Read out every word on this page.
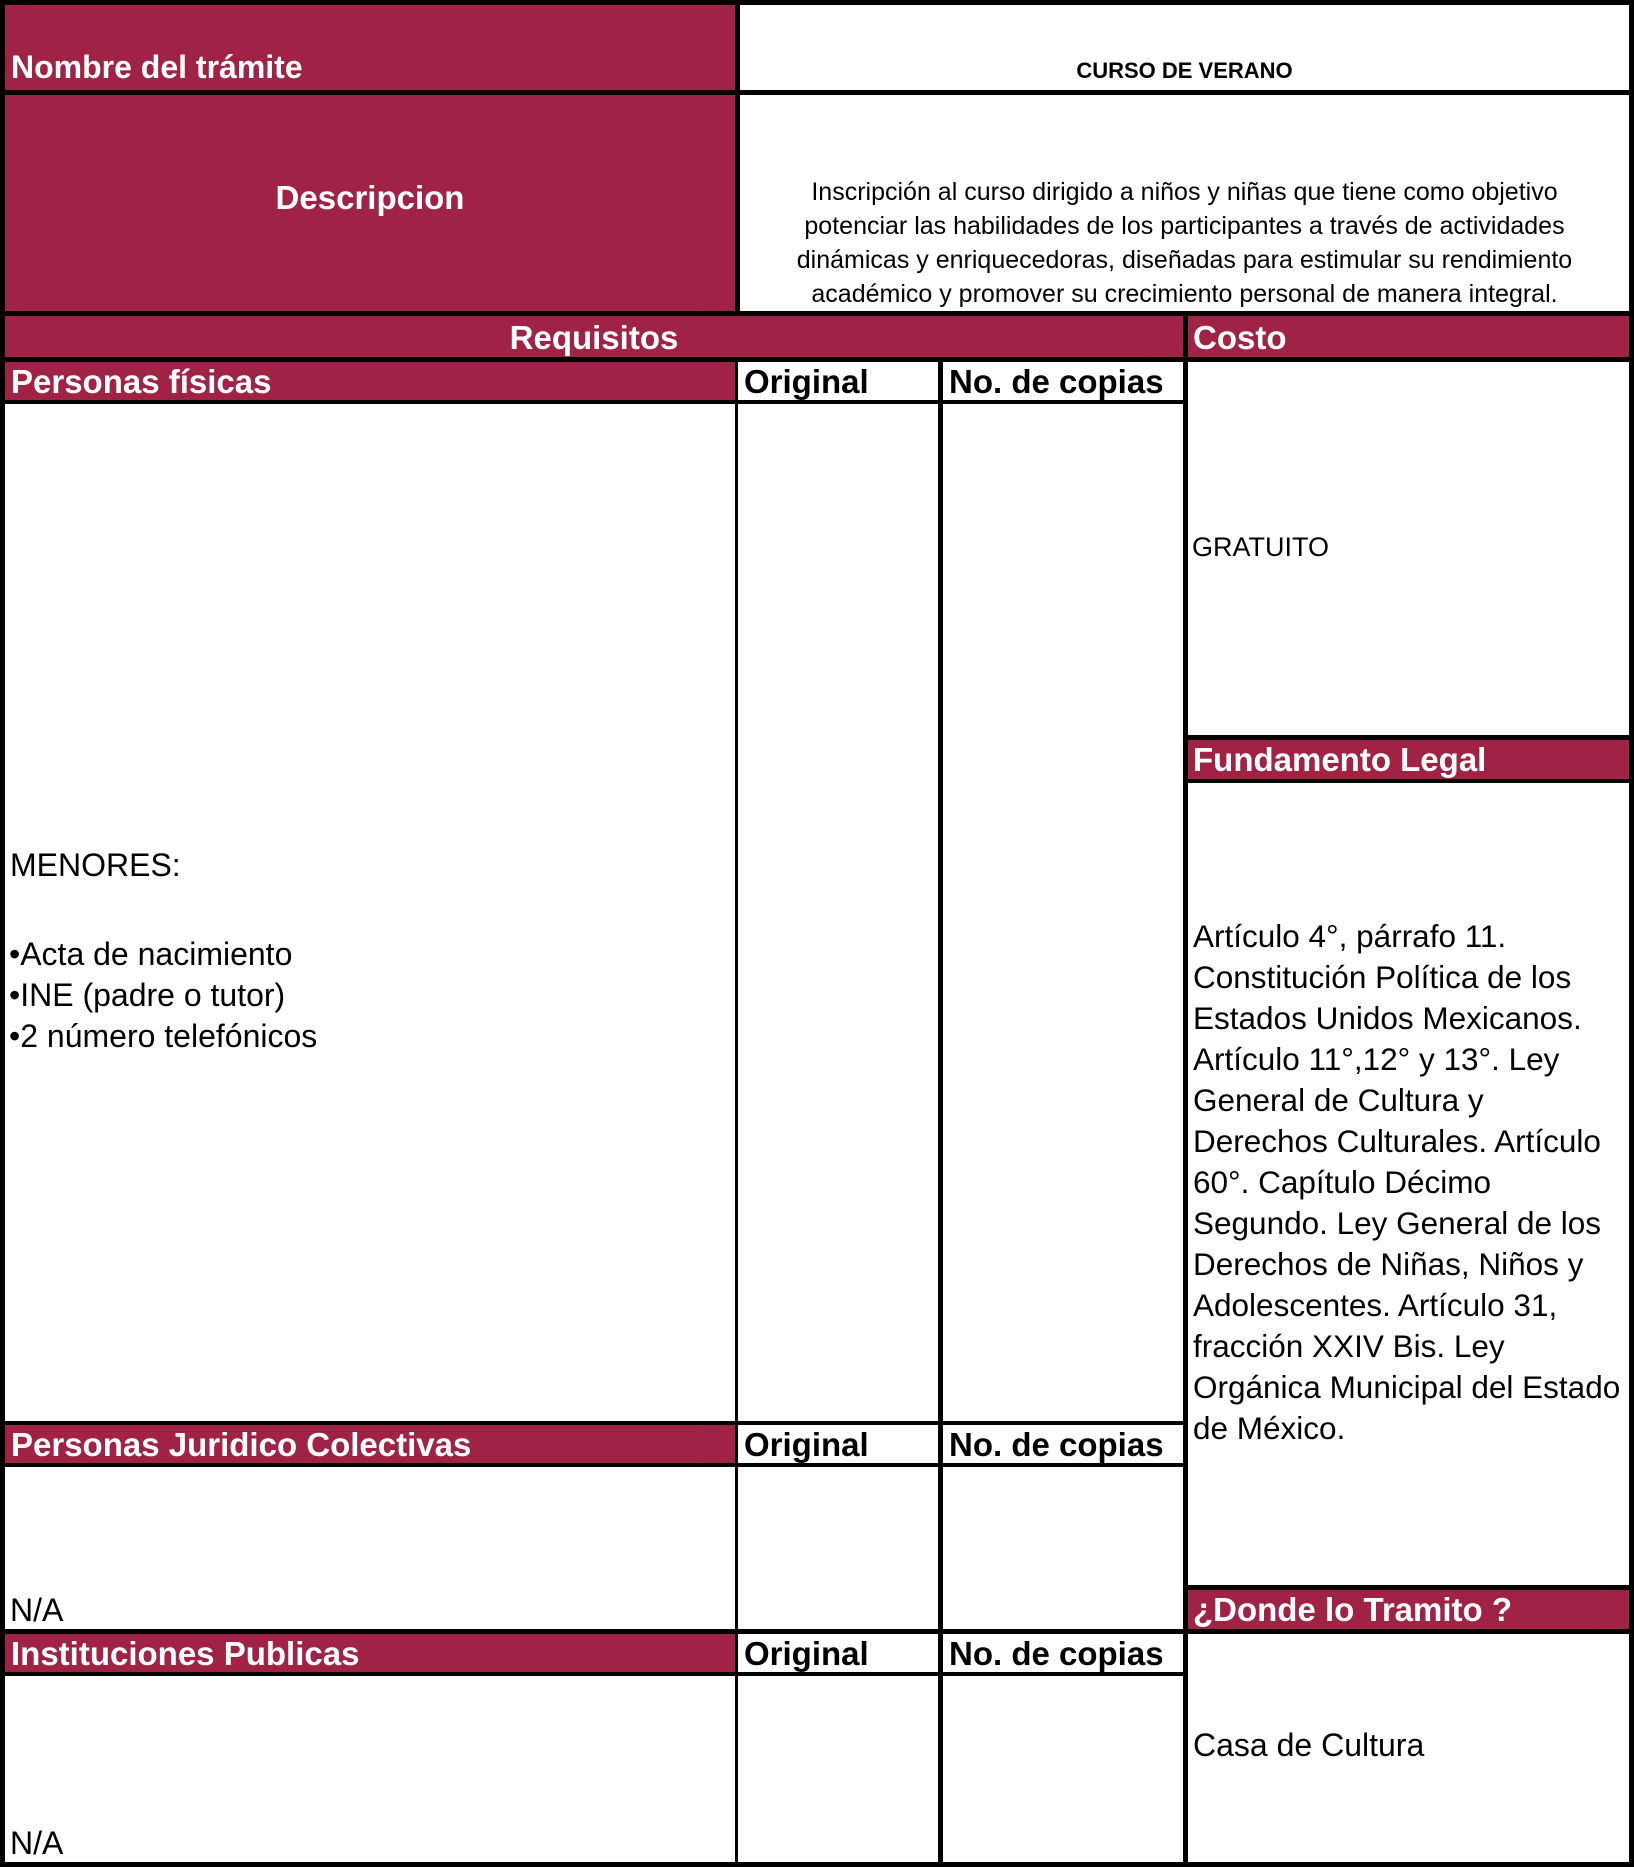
Nombre del trámite	CURSO DE VERANO
Descripcion	Inscripción al curso dirigido a niños y niñas que tiene como objetivo potenciar las habilidades de los participantes a través de actividades dinámicas y enriquecedoras, diseñadas para estimular su rendimiento académico y promover su crecimiento personal de manera integral.
Requisitos	Costo
Personas físicas	Original No. de copias
MENORES:
•Acta de nacimiento
•INE (padre o tutor)
•2 número telefónicos
Personas Juridico Colectivas	Original No. de copias
N/A
Instituciones Publicas	Original No. de copias
N/A
GRATUITO
Fundamento Legal
Artículo 4°, párrafo 11. Constitución Política de los Estados Unidos Mexicanos. Artículo 11°,12° y 13°. Ley General de Cultura y Derechos Culturales. Artículo 60°. Capítulo Décimo Segundo. Ley General de los Derechos de Niñas, Niños y Adolescentes. Artículo 31, fracción XXIV Bis. Ley Orgánica Municipal del Estado de México.
¿Donde lo Tramito ?
Casa de Cultura
